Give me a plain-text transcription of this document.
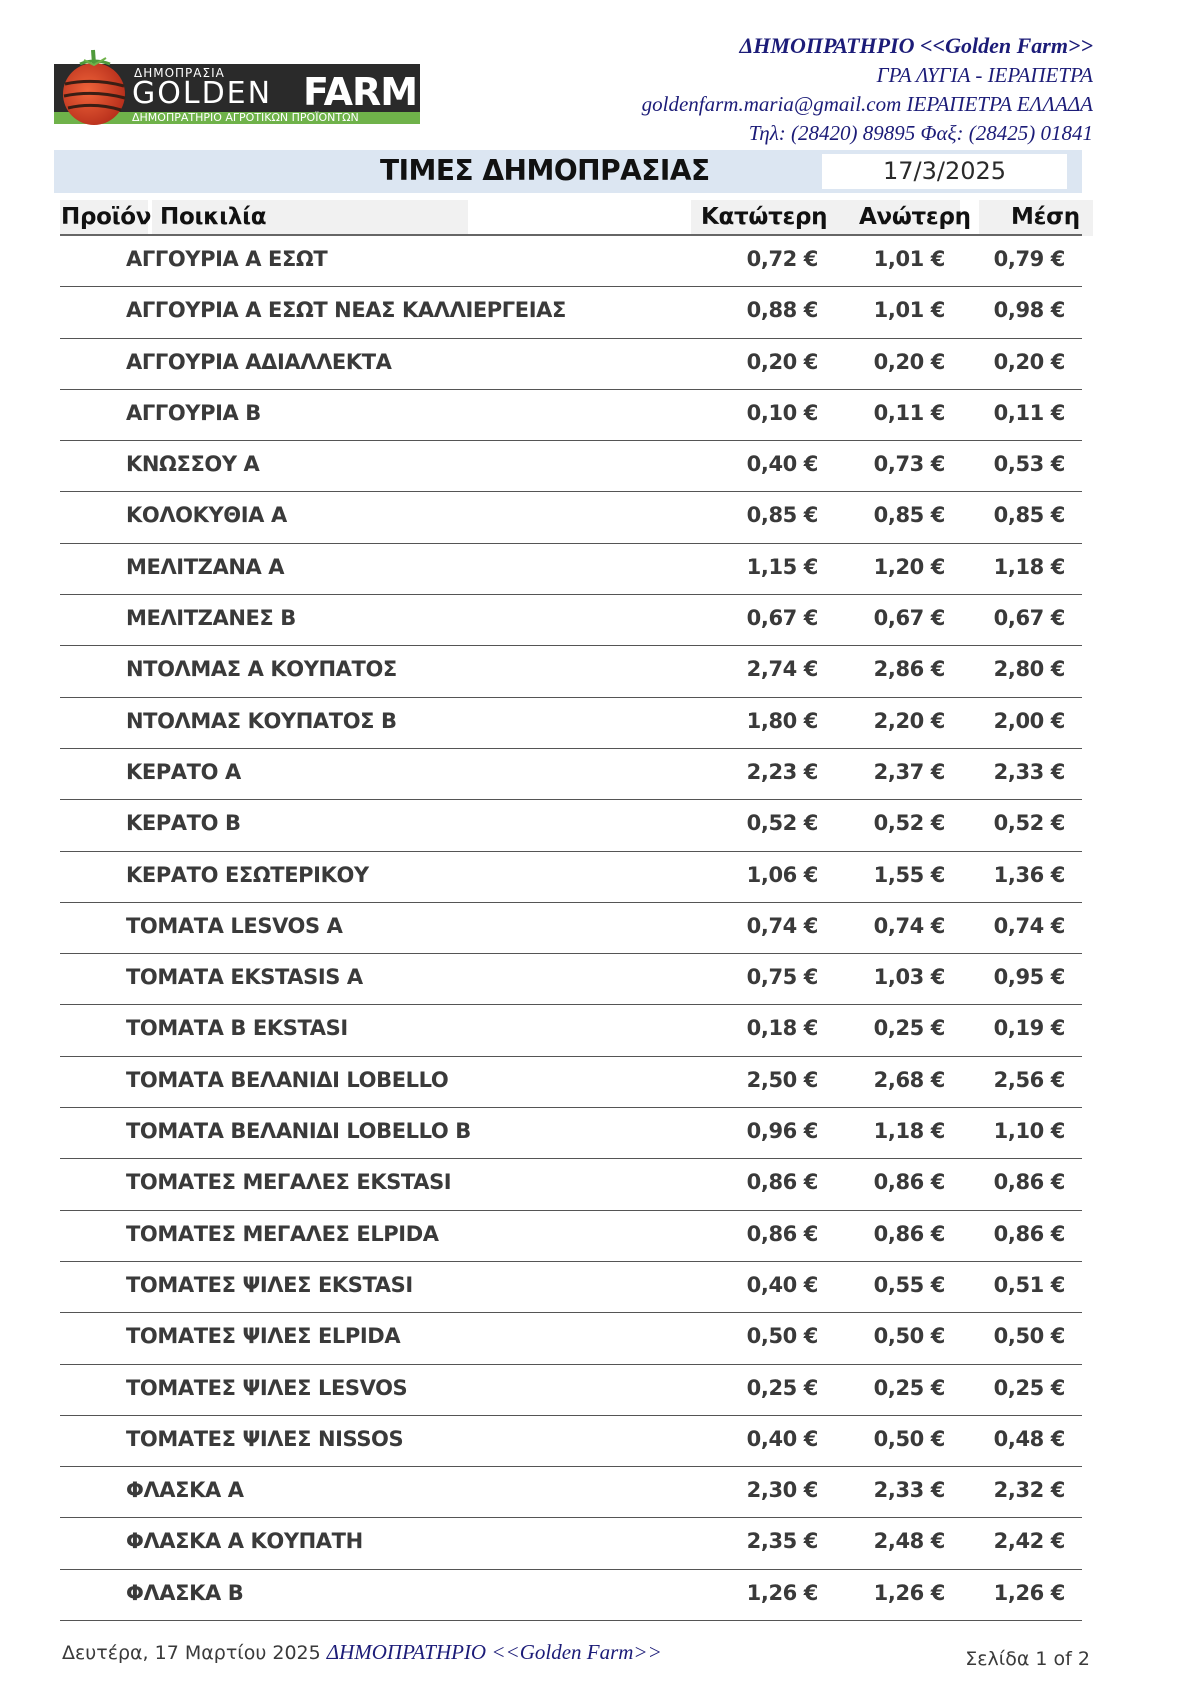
ΔΗΜΟΠΡΑΣΙΑ
GOLDEN FARM
ΔΗΜΟΠΡΑΤΗΡΙΟ ΑΓΡΟΤΙΚΩΝ ΠΡΟΪΟΝΤΩΝ
ΔΗΜΟΠΡΑΤΗΡΙΟ <<Golden Farm>>
ΓΡΑ ΛΥΓΙΑ - ΙΕΡΑΠΕΤΡΑ
goldenfarm.maria@gmail.com ΙΕΡΑΠΕΤΡΑ ΕΛΛΑΔΑ
Τηλ: (28420) 89895 Φαξ: (28425) 01841
ΤΙΜΕΣ ΔΗΜΟΠΡΑΣΙΑΣ	17/3/2025
Προϊόν Ποικιλία	Κατώτερη Ανώτερη Μέση
ΑΓΓΟΥΡΙΑ Α ΕΣΩΤ	0,72 €	1,01 € 0,79 €
ΑΓΓΟΥΡΙΑ Α ΕΣΩΤ ΝΕΑΣ ΚΑΛΛΙΕΡΓΕΙΑΣ	0,88 €	1,01 € 0,98 €
ΑΓΓΟΥΡΙΑ ΑΔΙΑΛΛΕΚΤΑ	0,20 €	0,20 € 0,20 €
ΑΓΓΟΥΡΙΑ Β	0,10 €	0,11 € 0,11 €
ΚΝΩΣΣΟΥ Α	0,40 €	0,73 € 0,53 €
ΚΟΛΟΚΥΘΙΑ Α	0,85 €	0,85 € 0,85 €
ΜΕΛΙΤΖΑΝΑ Α	1,15 €	1,20 € 1,18 €
ΜΕΛΙΤΖΑΝΕΣ Β	0,67 €	0,67 € 0,67 €
ΝΤΟΛΜΑΣ Α ΚΟΥΠΑΤΟΣ	2,74 €	2,86 € 2,80 €
ΝΤΟΛΜΑΣ ΚΟΥΠΑΤΟΣ Β	1,80 €	2,20 € 2,00 €
ΚΕΡΑΤΟ Α	2,23 €	2,37 € 2,33 €
ΚΕΡΑΤΟ Β	0,52 €	0,52 € 0,52 €
ΚΕΡΑΤΟ ΕΣΩΤΕΡΙΚΟΥ	1,06 €	1,55 € 1,36 €
ΤΟΜΑΤΑ LESVOS A	0,74 €	0,74 € 0,74 €
ΤΟΜΑΤΑ EKSTASIS A	0,75 €	1,03 € 0,95 €
ΤΟΜΑΤΑ Β EKSTASI	0,18 €	0,25 € 0,19 €
ΤΟΜΑΤΑ ΒΕΛΑΝΙΔΙ LOBELLO	2,50 €	2,68 € 2,56 €
ΤΟΜΑΤΑ ΒΕΛΑΝΙΔΙ LOBELLO Β	0,96 €	1,18 € 1,10 €
ΤΟΜΑΤΕΣ ΜΕΓΑΛΕΣ EKSTASI	0,86 €	0,86 € 0,86 €
ΤΟΜΑΤΕΣ ΜΕΓΑΛΕΣ ELPIDA	0,86 €	0,86 € 0,86 €
ΤΟΜΑΤΕΣ ΨΙΛΕΣ EKSTASI	0,40 €	0,55 € 0,51 €
ΤΟΜΑΤΕΣ ΨΙΛΕΣ ELPIDA	0,50 €	0,50 € 0,50 €
ΤΟΜΑΤΕΣ ΨΙΛΕΣ LESVOS	0,25 €	0,25 € 0,25 €
ΤΟΜΑΤΕΣ ΨΙΛΕΣ NISSOS	0,40 €	0,50 € 0,48 €
ΦΛΑΣΚΑ Α	2,30 €	2,33 € 2,32 €
ΦΛΑΣΚΑ Α ΚΟΥΠΑΤΗ	2,35 €	2,48 € 2,42 €
ΦΛΑΣΚΑ Β	1,26 €	1,26 € 1,26 €
Δευτέρα, 17 Μαρτίου 2025 ΔΗΜΟΠΡΑΤΗΡΙΟ <<Golden Farm>>	Σελίδα 1 of 2
